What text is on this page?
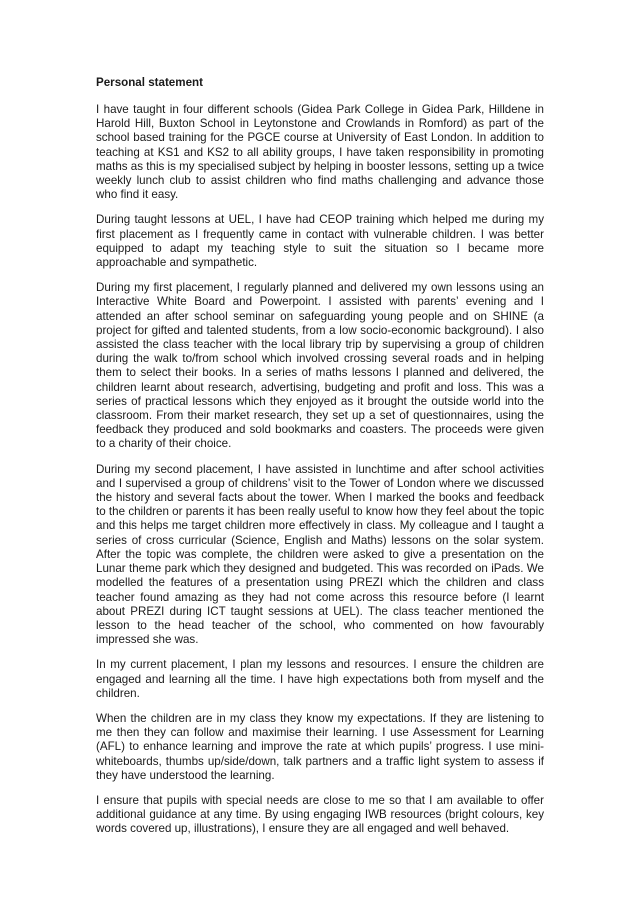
Personal statement

I have taught in four different schools (Gidea Park College in Gidea Park, Hilldene in Harold Hill, Buxton School in Leytonstone and Crowlands in Romford) as part of the school based training for the PGCE course at University of East London. In addition to teaching at KS1 and KS2 to all ability groups, I have taken responsibility in promoting maths as this is my specialised subject by helping in booster lessons, setting up a twice weekly lunch club to assist children who find maths challenging and advance those who find it easy.

During taught lessons at UEL, I have had CEOP training which helped me during my first placement as I frequently came in contact with vulnerable children. I was better equipped to adapt my teaching style to suit the situation so I became more approachable and sympathetic.

During my first placement, I regularly planned and delivered my own lessons using an Interactive White Board and Powerpoint. I assisted with parents’ evening and I attended an after school seminar on safeguarding young people and on SHINE (a project for gifted and talented students, from a low socio-economic background). I also assisted the class teacher with the local library trip by supervising a group of children during the walk to/from school which involved crossing several roads and in helping them to select their books. In a series of maths lessons I planned and delivered, the children learnt about research, advertising, budgeting and profit and loss. This was a series of practical lessons which they enjoyed as it brought the outside world into the classroom. From their market research, they set up a set of questionnaires, using the feedback they produced and sold bookmarks and coasters. The proceeds were given to a charity of their choice.

During my second placement, I have assisted in lunchtime and after school activities and I supervised a group of childrens’ visit to the Tower of London where we discussed the history and several facts about the tower. When I marked the books and feedback to the children or parents it has been really useful to know how they feel about the topic and this helps me target children more effectively in class. My colleague and I taught a series of cross curricular (Science, English and Maths) lessons on the solar system. After the topic was complete, the children were asked to give a presentation on the Lunar theme park which they designed and budgeted. This was recorded on iPads. We modelled the features of a presentation using PREZI which the children and class teacher found amazing as they had not come across this resource before (I learnt about PREZI during ICT taught sessions at UEL). The class teacher mentioned the lesson to the head teacher of the school, who commented on how favourably impressed she was.

In my current placement, I plan my lessons and resources. I ensure the children are engaged and learning all the time. I have high expectations both from myself and the children.

When the children are in my class they know my expectations. If they are listening to me then they can follow and maximise their learning. I use Assessment for Learning (AFL) to enhance learning and improve the rate at which pupils’ progress. I use mini-whiteboards, thumbs up/side/down, talk partners and a traffic light system to assess if they have understood the learning.

I ensure that pupils with special needs are close to me so that I am available to offer additional guidance at any time. By using engaging IWB resources (bright colours, key words covered up, illustrations), I ensure they are all engaged and well behaved.
